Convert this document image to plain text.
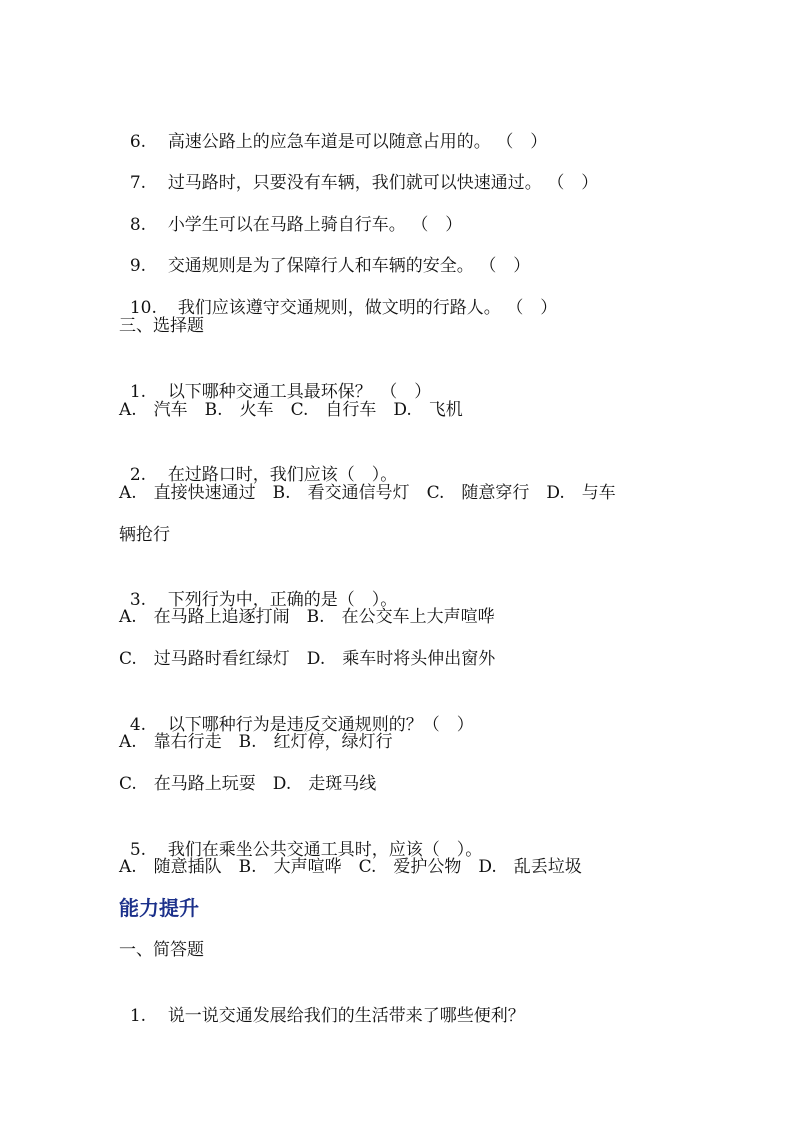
6. 高速公路上的应急车道是可以随意占用的。 （　）

7. 过马路时，只要没有车辆，我们就可以快速通过。 （　）

8. 小学生可以在马路上骑自行车。 （　）

9. 交通规则是为了保障行人和车辆的安全。 （　）

10. 我们应该遵守交通规则，做文明的行路人。 （　）

三、选择题

1. 以下哪种交通工具最环保？　（　）

A.　汽车　B.　火车　C.　自行车　D.　飞机

2. 在过路口时，我们应该（　）。

A.　直接快速通过　B.　看交通信号灯　C.　随意穿行　D.　与车
辆抢行

3. 下列行为中，正确的是（　）。

A.　在马路上追逐打闹　B.　在公交车上大声喧哗
C.　过马路时看红绿灯　D.　乘车时将头伸出窗外

4. 以下哪种行为是违反交通规则的？（　）

A.　靠右行走　B.　红灯停，绿灯行
C.　在马路上玩耍　D.　走斑马线

5. 我们在乘坐公共交通工具时，应该（　）。

A.　随意插队　B.　大声喧哗　C.　爱护公物　D.　乱丢垃圾
能力提升
一、简答题

1. 说一说交通发展给我们的生活带来了哪些便利？
